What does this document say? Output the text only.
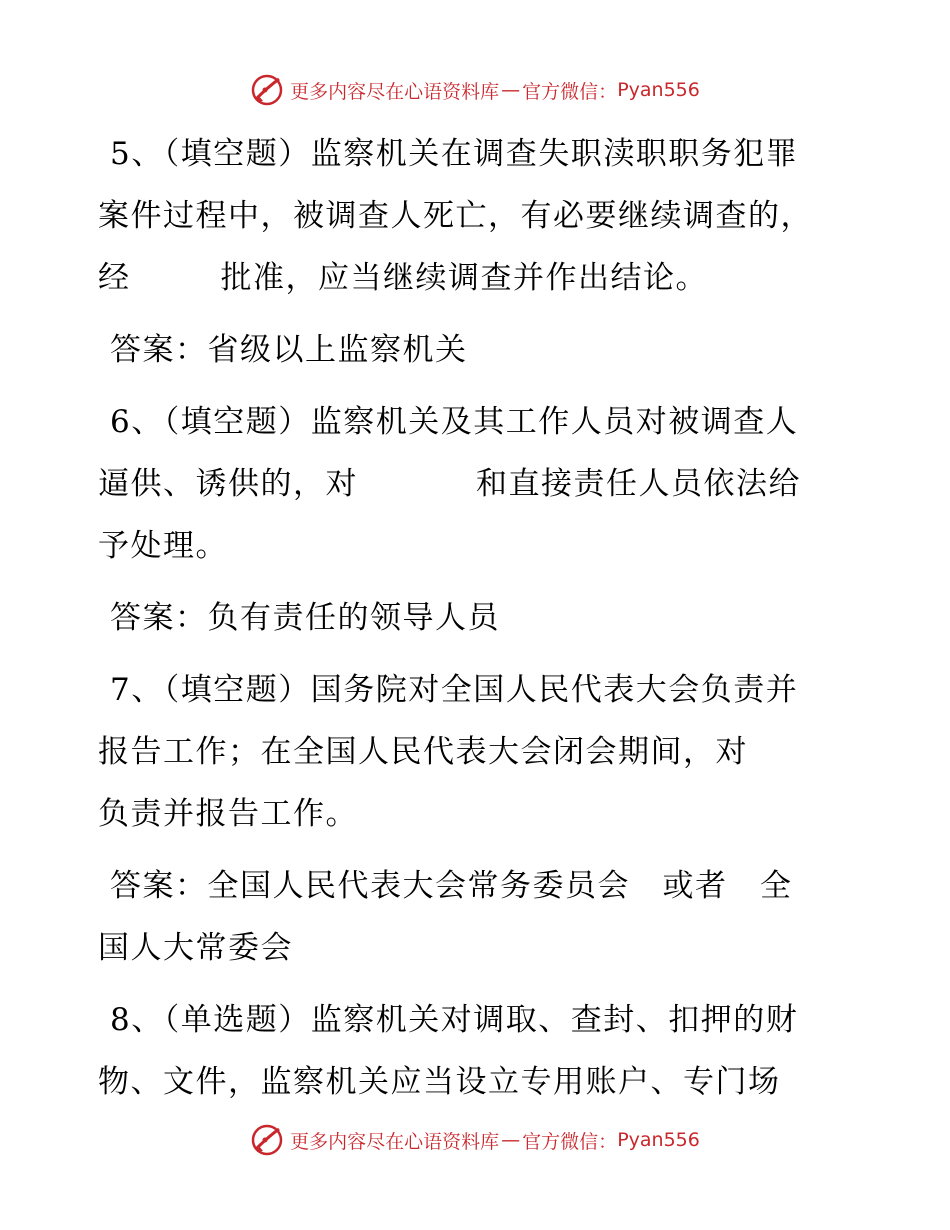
更多内容尽在心语资料库 — 官方微信： Pyan556
5、（填空题）监察机关在调查失职渎职职务犯罪
案件过程中，被调查人死亡，有必要继续调查的，
经	批准，应当继续调查并作出结论。
答案：省级以上监察机关
6、（填空题）监察机关及其工作人员对被调查人
逼供、诱供的，对	和直接责任人员依法给
予处理。
答案：负有责任的领导人员
7、（填空题）国务院对全国人民代表大会负责并
报告工作；在全国人民代表大会闭会期间，对
负责并报告工作。
答案：全国人民代表大会常务委员会　或者　全
国人大常委会
8、（单选题）监察机关对调取、查封、扣押的财
物、文件，监察机关应当设立专用账户、专门场
更多内容尽在心语资料库 — 官方微信： Pyan556
